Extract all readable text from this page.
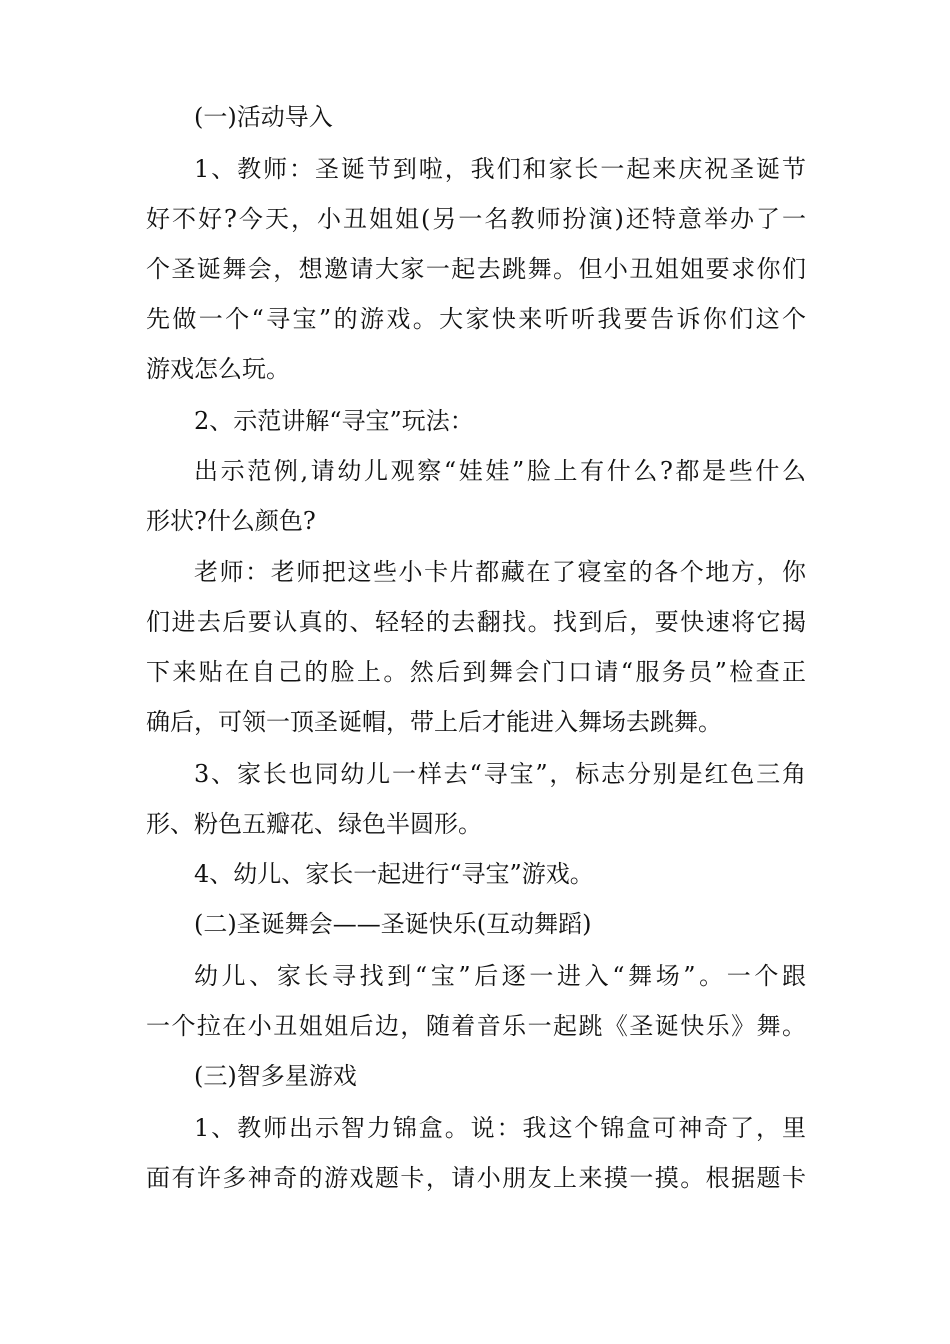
(一)活动导入
1、教师：圣诞节到啦，我们和家长一起来庆祝圣诞节
好不好?今天，小丑姐姐(另一名教师扮演)还特意举办了一
个圣诞舞会，想邀请大家一起去跳舞。但小丑姐姐要求你们
先做一个“寻宝”的游戏。大家快来听听我要告诉你们这个
游戏怎么玩。
2、示范讲解“寻宝”玩法：
出示范例,请幼儿观察“娃娃”脸上有什么?都是些什么
形状?什么颜色?
老师：老师把这些小卡片都藏在了寝室的各个地方，你
们进去后要认真的、轻轻的去翻找。找到后，要快速将它揭
下来贴在自己的脸上。然后到舞会门口请“服务员”检查正
确后，可领一顶圣诞帽，带上后才能进入舞场去跳舞。
3、家长也同幼儿一样去“寻宝”，标志分别是红色三角
形、粉色五瓣花、绿色半圆形。
4、幼儿、家长一起进行“寻宝”游戏。
(二)圣诞舞会——圣诞快乐(互动舞蹈)
幼儿、家长寻找到“宝”后逐一进入“舞场”。一个跟
一个拉在小丑姐姐后边，随着音乐一起跳《圣诞快乐》舞。
(三)智多星游戏
1、教师出示智力锦盒。说：我这个锦盒可神奇了，里
面有许多神奇的游戏题卡，请小朋友上来摸一摸。根据题卡
